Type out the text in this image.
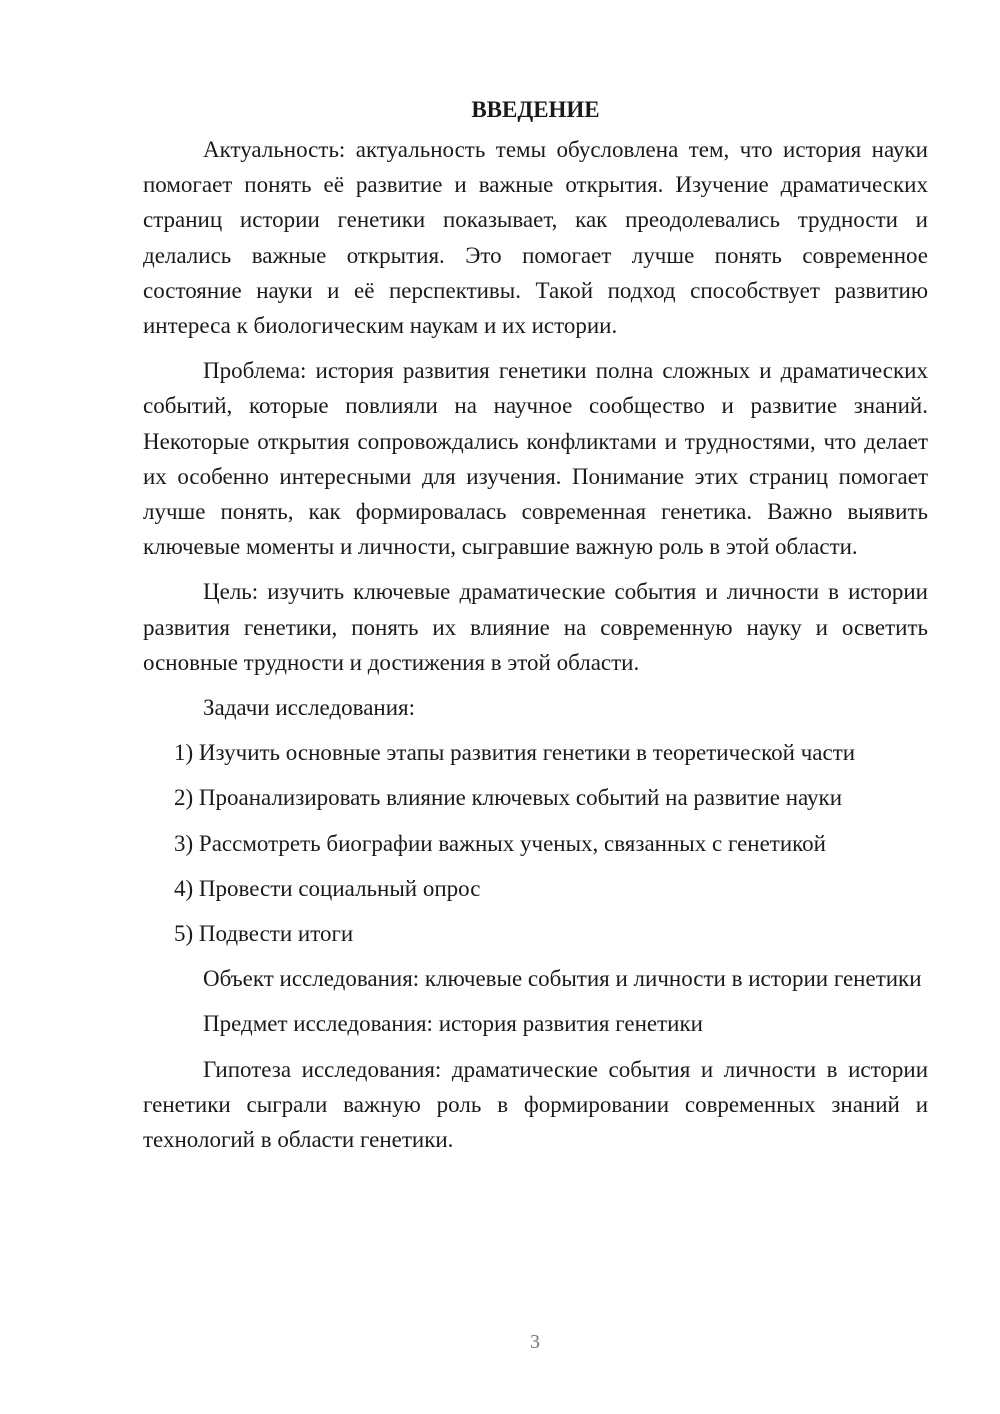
ВВЕДЕНИЕ

Актуальность: актуальность темы обусловлена тем, что история науки помогает понять её развитие и важные открытия. Изучение драматических страниц истории генетики показывает, как преодолевались трудности и делались важные открытия. Это помогает лучше понять современное состояние науки и её перспективы. Такой подход способствует развитию интереса к биологическим наукам и их истории.

Проблема: история развития генетики полна сложных и драматических событий, которые повлияли на научное сообщество и развитие знаний. Некоторые открытия сопровождались конфликтами и трудностями, что делает их особенно интересными для изучения. Понимание этих страниц помогает лучше понять, как формировалась современная генетика. Важно выявить ключевые моменты и личности, сыгравшие важную роль в этой области.

Цель: изучить ключевые драматические события и личности в истории развития генетики, понять их влияние на современную науку и осветить основные трудности и достижения в этой области.

Задачи исследования:

1) Изучить основные этапы развития генетики в теоретической части

2) Проанализировать влияние ключевых событий на развитие науки

3) Рассмотреть биографии важных ученых, связанных с генетикой

4) Провести социальный опрос

5) Подвести итоги

Объект исследования: ключевые события и личности в истории генетики

Предмет исследования: история развития генетики

Гипотеза исследования: драматические события и личности в истории генетики сыграли важную роль в формировании современных знаний и технологий в области генетики.

3
